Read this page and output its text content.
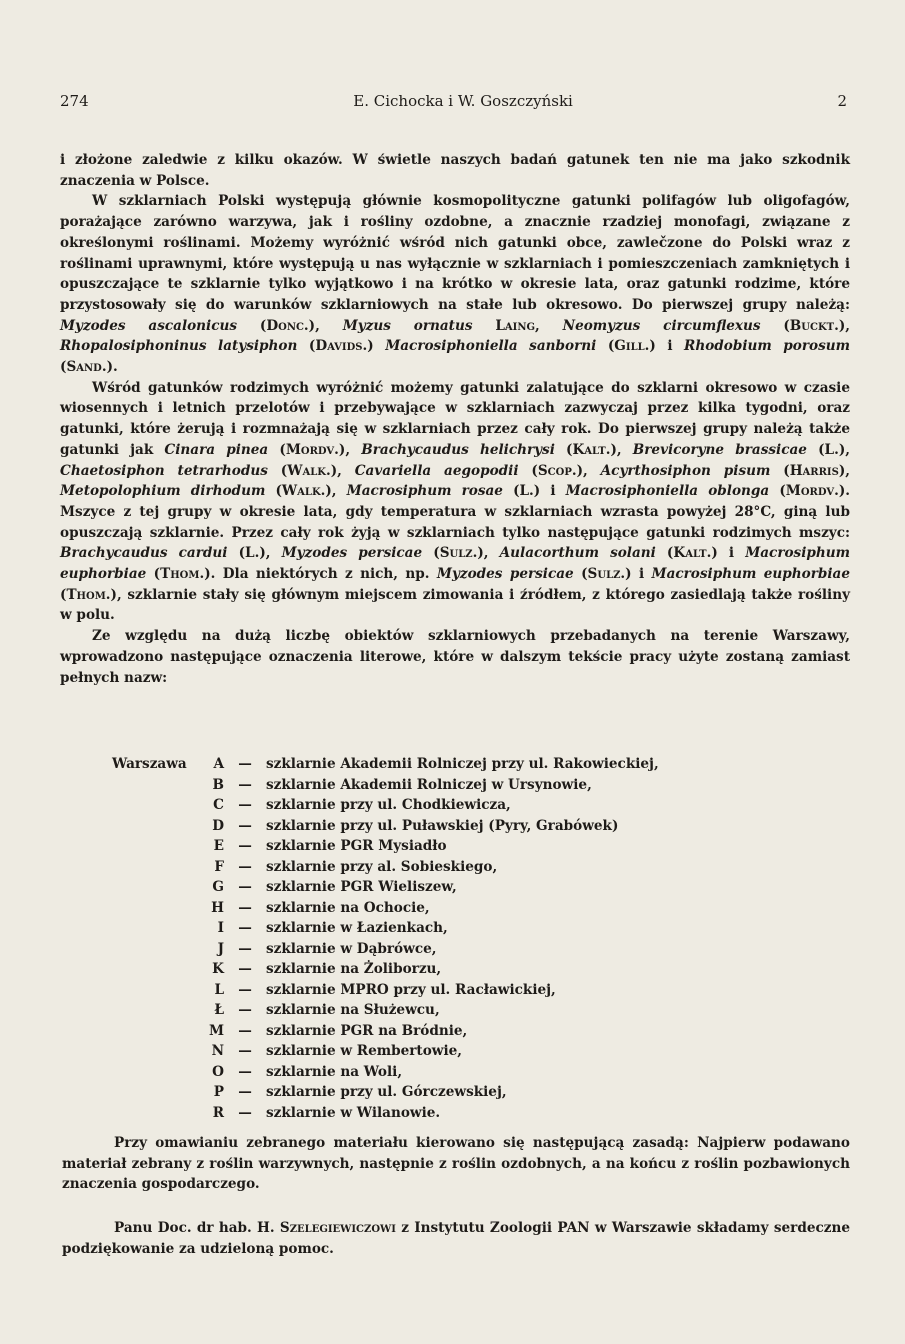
274	E. Cichocka i W. Goszczyński	2

i złożone zaledwie z kilku okazów. W świetle naszych badań gatunek ten nie ma jako szkodnik znaczenia w Polsce.

W szklarniach Polski występują głównie kosmopolityczne gatunki polifagów lub oligofagów, porażające zarówno warzywa, jak i rośliny ozdobne, a znacznie rzadziej monofagi, związane z określonymi roślinami. Możemy wyróżnić wśród nich gatunki obce, zawlečzone do Polski wraz z roślinami uprawnymi, które występują u nas wyłącznie w szklarniach i pomieszczeniach zamkniętych i opuszczające te szklarnie tylko wyjątkowo i na krótko w okresie lata, oraz gatunki rodzime, które przystosowały się do warunków szklarniowych na stałe lub okresowo. Do pierwszej grupy należą: Myzodes ascalonicus (Donc.), Myzus ornatus Laing, Neomyzus circumflexus (Buckt.), Rhopalosiphoninus latysiphon (Davids.) Macrosiphoniella sanborni (Gill.) i Rhodobium porosum (Sand.).

Wśród gatunków rodzimych wyróżnić możemy gatunki zalatujące do szklarni okresowo w czasie wiosennych i letnich przelotów i przebywające w szklarniach zazwyczaj przez kilka tygodni, oraz gatunki, które żerują i rozmnażają się w szklarniach przez cały rok. Do pierwszej grupy należą także gatunki jak Cinara pinea (Mordv.), Brachycaudus helichrysi (Kalt.), Brevicoryne brassicae (L.), Chaetosiphon tetrarhodus (Walk.), Cavariella aegopodii (Scop.), Acyrthosiphon pisum (Harris), Metopolophium dirhodum (Walk.), Macrosiphum rosae (L.) i Macrosiphoniella oblonga (Mordv.). Mszyce z tej grupy w okresie lata, gdy temperatura w szklarniach wzrasta powyżej 28°C, giną lub opuszczają szklarnie. Przez cały rok żyją w szklarniach tylko następujące gatunki rodzimych mszyc: Brachycaudus cardui (L.), Myzodes persicae (Sulz.), Aulacorthum solani (Kalt.) i Macrosiphum euphorbiae (Thom.). Dla niektórych z nich, np. Myzodes persicae (Sulz.) i Macrosiphum euphorbiae (Thom.), szklarnie stały się głównym miejscem zimowania i źródłem, z którego zasiedlają także rośliny w polu.

Ze względu na dużą liczbę obiektów szklarniowych przebadanych na terenie Warszawy, wprowadzono następujące oznaczenia literowe, które w dalszym tekście pracy użyte zostaną zamiast pełnych nazw:

Warszawa	A	—	szklarnie Akademii Rolniczej przy ul. Rakowieckiej,
B	—	szklarnie Akademii Rolniczej w Ursynowie,
C	—	szklarnie przy ul. Chodkiewicza,
D	—	szklarnie przy ul. Puławskiej (Pyry, Grabówek)
E	—	szklarnie PGR Mysiadło
F	—	szklarnie przy al. Sobieskiego,
G	—	szklarnie PGR Wieliszew,
H	—	szklarnie na Ochocie,
I	—	szklarnie w Łazienkach,
J	—	szklarnie w Dąbrówce,
K	—	szklarnie na Żoliborzu,
L	—	szklarnie MPRO przy ul. Racławickiej,
Ł	—	szklarnie na Służewcu,
M	—	szklarnie PGR na Bródnie,
N	—	szklarnie w Rembertowie,
O	—	szklarnie na Woli,
P	—	szklarnie przy ul. Górczewskiej,
R	—	szklarnie w Wilanowie.

Przy omawianiu zebranego materiału kierowano się następującą zasadą: Najpierw podawano materiał zebrany z roślin warzywnych, następnie z roślin ozdobnych, a na końcu z roślin pozbawionych znaczenia gospodarczego.

Panu Doc. dr hab. H. Szelegiewiczowi z Instytutu Zoologii PAN w Warszawie składamy serdeczne podziękowanie za udzieloną pomoc.
